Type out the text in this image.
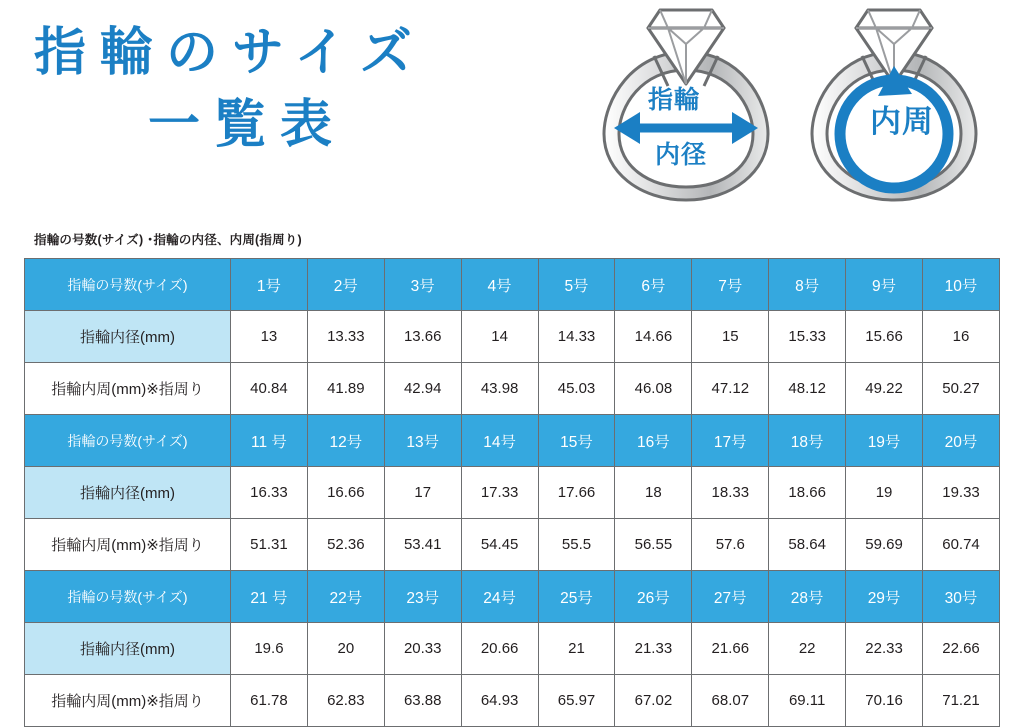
指輪のサイズ
一覧表	指輪
内径
内周
指輪の号数(サイズ) ･指輪の内径、内周(指周り)
指輪の号数(サイズ)	1号	2号	3号	4号	5号	6号	7号	8号	9号	10号
指輪内径(mm)	13	13.33	13.66	14	14.33	14.66	15	15.33	15.66	16
指輪内周(mm)※指周り	40.84	41.89	42.94	43.98	45.03	46.08	47.12	48.12	49.22	50.27
指輪の号数(サイズ)	11 号	12号	13号	14号	15号	16号	17号	18号	19号	20号
指輪内径(mm)	16.33	16.66	17	17.33	17.66	18	18.33	18.66	19	19.33
指輪内周(mm)※指周り	51.31	52.36	53.41	54.45	55.5	56.55	57.6	58.64	59.69	60.74
指輪の号数(サイズ)	21 号	22号	23号	24号	25号	26号	27号	28号	29号	30号
指輪内径(mm)	19.6	20	20.33	20.66	21	21.33	21.66	22	22.33	22.66
指輪内周(mm)※指周り	61.78	62.83	63.88	64.93	65.97	67.02	68.07	69.11	70.16	71.21
